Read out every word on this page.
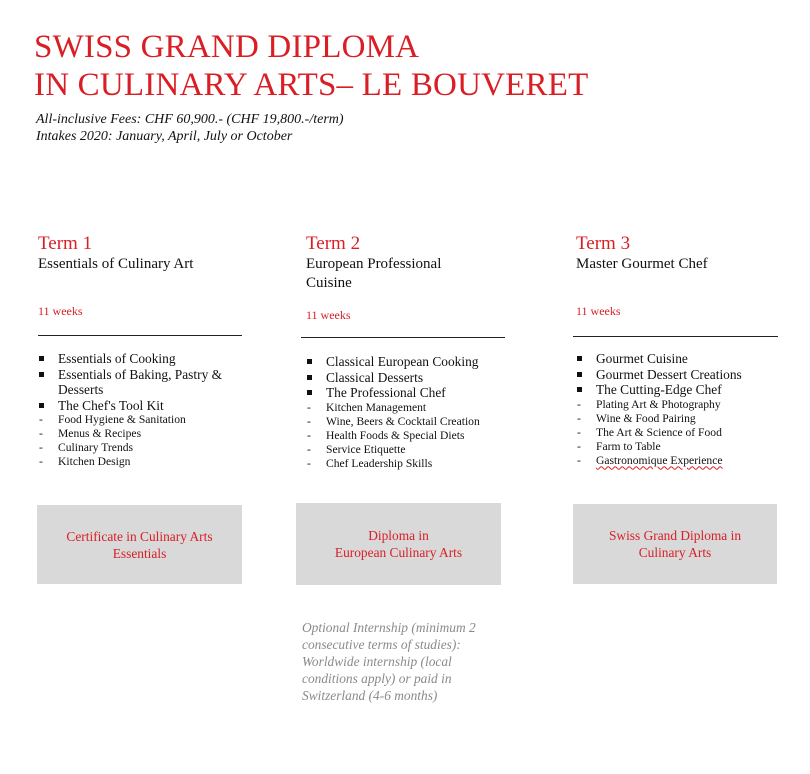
SWISS GRAND DIPLOMA
IN CULINARY ARTS– LE BOUVERET
All-inclusive Fees: CHF 60,900.- (CHF 19,800.-/term)
Intakes 2020: January, April, July or October
Term 1
Essentials of Culinary Art
11 weeks
Essentials of Cooking
Essentials of Baking, Pastry & Desserts
The Chef's Tool Kit
Food Hygiene & Sanitation
Menus & Recipes
Culinary Trends
Kitchen Design
Certificate in Culinary Arts
Essentials
Term 2
European Professional
Cuisine
11 weeks
Classical European Cooking
Classical Desserts
The Professional Chef
Kitchen Management
Wine, Beers & Cocktail Creation
Health Foods & Special Diets
Service Etiquette
Chef Leadership Skills
Diploma in
European Culinary Arts
Term 3
Master Gourmet Chef
11 weeks
Gourmet Cuisine
Gourmet Dessert Creations
The Cutting-Edge Chef
Plating Art & Photography
Wine & Food Pairing
The Art & Science of Food
Farm to Table
Gastronomique Experience
Swiss Grand Diploma in
Culinary Arts
Optional Internship (minimum 2
consecutive terms of studies):
Worldwide internship (local
conditions apply) or paid in
Switzerland (4-6 months)
